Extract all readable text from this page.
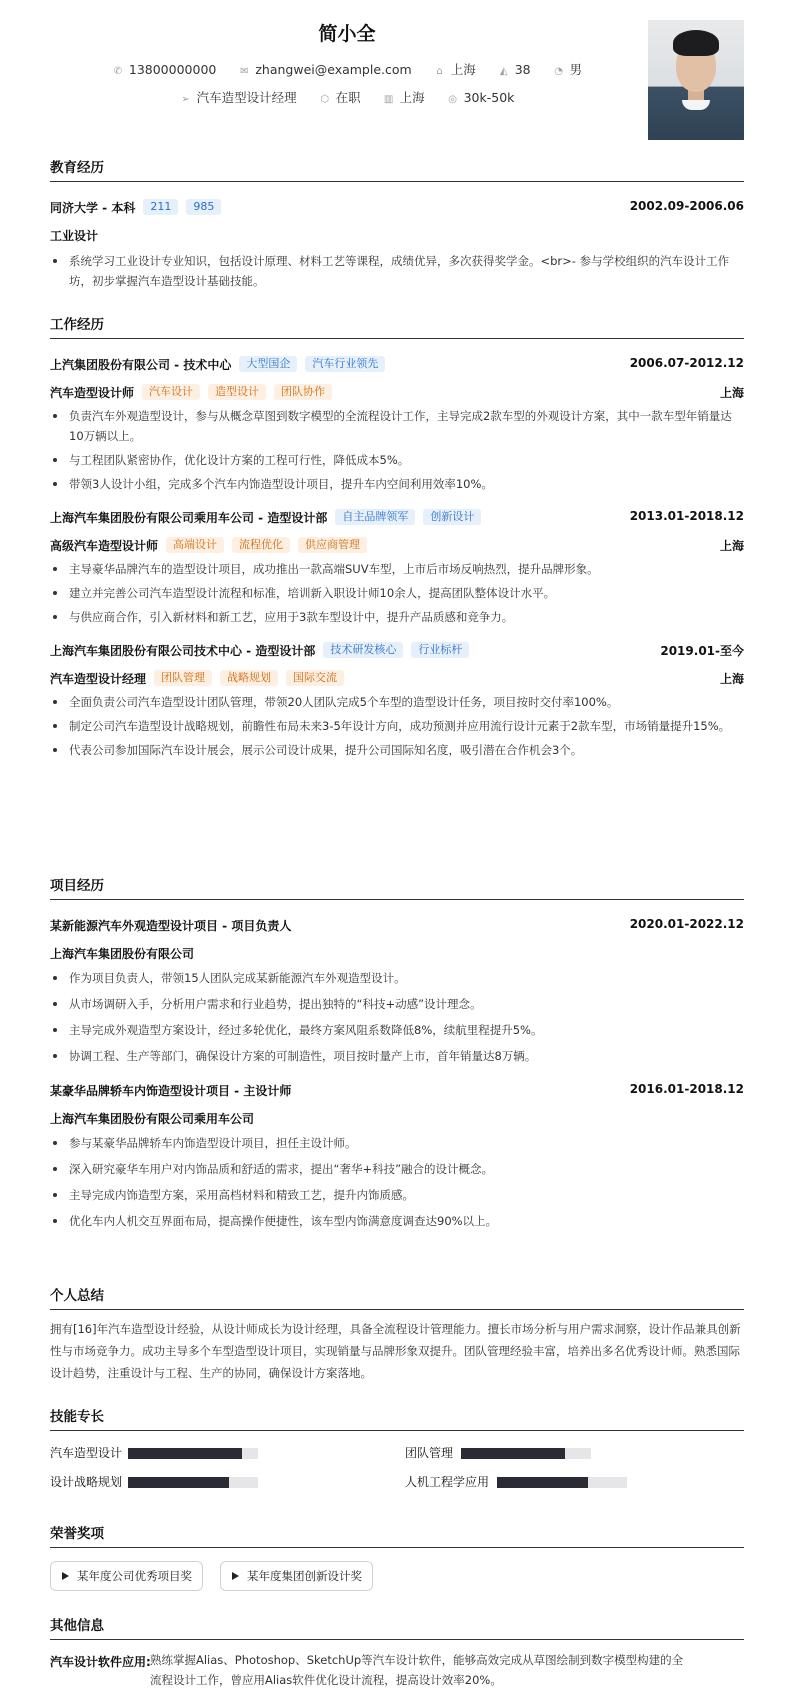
简小全
✆ 13800000000 ✉ zhangwei@example.com ⌂ 上海 ◭ 38 ◔ 男
➢ 汽车造型设计经理 ⬡ 在职 ▥ 上海 ◎ 30k-50k
教育经历
同济大学 - 本科 211 985	2002.09-2006.06
工业设计
系统学习工业设计专业知识，包括设计原理、材料工艺等课程，成绩优异，多次获得奖学金。<br>- 参与学校组织的汽车设计工作坊，初步掌握汽车造型设计基础技能。
工作经历
上汽集团股份有限公司 - 技术中心 大型国企 汽车行业领先	2006.07-2012.12
汽车造型设计师 汽车设计 造型设计 团队协作	上海
负责汽车外观造型设计，参与从概念草图到数字模型的全流程设计工作，主导完成2款车型的外观设计方案，其中一款车型年销量达10万辆以上。
与工程团队紧密协作，优化设计方案的工程可行性，降低成本5%。
带领3人设计小组，完成多个汽车内饰造型设计项目，提升车内空间利用效率10%。
上海汽车集团股份有限公司乘用车公司 - 造型设计部 自主品牌领军 创新设计	2013.01-2018.12
高级汽车造型设计师 高端设计 流程优化 供应商管理	上海
主导豪华品牌汽车的造型设计项目，成功推出一款高端SUV车型，上市后市场反响热烈，提升品牌形象。
建立并完善公司汽车造型设计流程和标准，培训新入职设计师10余人，提高团队整体设计水平。
与供应商合作，引入新材料和新工艺，应用于3款车型设计中，提升产品质感和竞争力。
上海汽车集团股份有限公司技术中心 - 造型设计部 技术研发核心 行业标杆	2019.01-至今
汽车造型设计经理 团队管理 战略规划 国际交流	上海
全面负责公司汽车造型设计团队管理，带领20人团队完成5个车型的造型设计任务，项目按时交付率100%。
制定公司汽车造型设计战略规划，前瞻性布局未来3-5年设计方向，成功预测并应用流行设计元素于2款车型，市场销量提升15%。
代表公司参加国际汽车设计展会，展示公司设计成果，提升公司国际知名度，吸引潜在合作机会3个。
项目经历
某新能源汽车外观造型设计项目 - 项目负责人	2020.01-2022.12
上海汽车集团股份有限公司
作为项目负责人，带领15人团队完成某新能源汽车外观造型设计。
从市场调研入手，分析用户需求和行业趋势，提出独特的“科技+动感”设计理念。
主导完成外观造型方案设计，经过多轮优化，最终方案风阻系数降低8%，续航里程提升5%。
协调工程、生产等部门，确保设计方案的可制造性，项目按时量产上市，首年销量达8万辆。
某豪华品牌轿车内饰造型设计项目 - 主设计师	2016.01-2018.12
上海汽车集团股份有限公司乘用车公司
参与某豪华品牌轿车内饰造型设计项目，担任主设计师。
深入研究豪华车用户对内饰品质和舒适的需求，提出“奢华+科技”融合的设计概念。
主导完成内饰造型方案，采用高档材料和精致工艺，提升内饰质感。
优化车内人机交互界面布局，提高操作便捷性，该车型内饰满意度调查达90%以上。
个人总结
拥有[16]年汽车造型设计经验，从设计师成长为设计经理，具备全流程设计管理能力。擅长市场分析与用户需求洞察，设计作品兼具创新性与市场竞争力。成功主导多个车型造型设计项目，实现销量与品牌形象双提升。团队管理经验丰富，培养出多名优秀设计师。熟悉国际设计趋势，注重设计与工程、生产的协同，确保设计方案落地。
技能专长
汽车造型设计	团队管理
设计战略规划	人机工程学应用
荣誉奖项
某年度公司优秀项目奖	某年度集团创新设计奖
其他信息
汽车设计软件应用: 熟练掌握Alias、Photoshop、SketchUp等汽车设计软件，能够高效完成从草图绘制到数字模型构建的全流程设计工作，曾应用Alias软件优化设计流程，提高设计效率20%。
